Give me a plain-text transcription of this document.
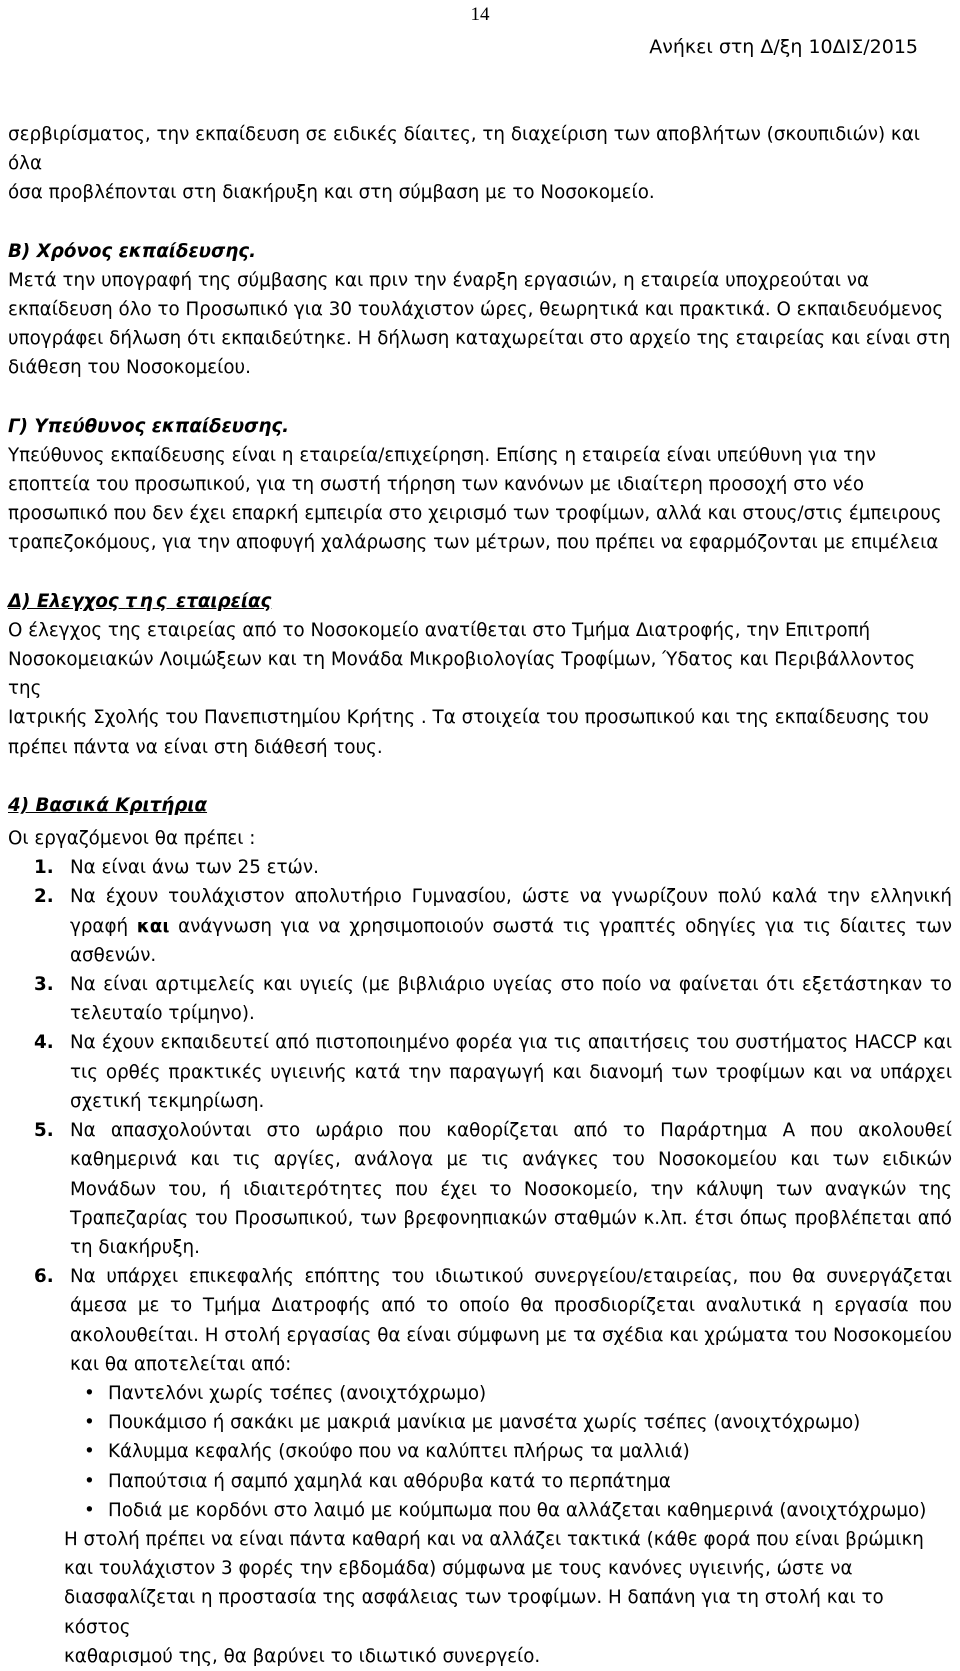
14
Ανήκει στη Δ/ξη 10ΔΙΣ/2015

σερβιρίσματος, την εκπαίδευση σε ειδικές δίαιτες, τη διαχείριση των αποβλήτων (σκουπιδιών) και όλα

όσα προβλέπονται στη διακήρυξη και στη σύμβαση με το Νοσοκομείο.

Β) Χρόνος εκπαίδευσης.

Μετά την υπογραφή της σύμβασης και πριν την έναρξη εργασιών, η εταιρεία υποχρεούται να

εκπαίδευση όλο το Προσωπικό για 30 τουλάχιστον ώρες, θεωρητικά και πρακτικά. Ο εκπαιδευόμενος

υπογράφει δήλωση ότι εκπαιδεύτηκε. Η δήλωση καταχωρείται στο αρχείο της εταιρείας και είναι στη

διάθεση του Νοσοκομείου.

Γ) Υπεύθυνος εκπαίδευσης.

Υπεύθυνος εκπαίδευσης είναι η εταιρεία/επιχείρηση. Επίσης η εταιρεία είναι υπεύθυνη για την

εποπτεία του προσωπικού, για τη σωστή τήρηση των κανόνων με ιδιαίτερη προσοχή στο νέο

προσωπικό που δεν έχει επαρκή εμπειρία στο χειρισμό των τροφίμων, αλλά και στους/στις έμπειρους

τραπεζοκόμους, για την αποφυγή χαλάρωσης των μέτρων, που πρέπει να εφαρμόζονται με επιμέλεια

Δ) Ελεγχος της εταιρείας

Ο έλεγχος της εταιρείας από το Νοσοκομείο ανατίθεται στο Τμήμα Διατροφής, την Επιτροπή

Νοσοκομειακών Λοιμώξεων και τη Μονάδα Μικροβιολογίας Τροφίμων, Ύδατος και Περιβάλλοντος της

Ιατρικής Σχολής του Πανεπιστημίου Κρήτης . Τα στοιχεία του προσωπικού και της εκπαίδευσης του

πρέπει πάντα να είναι στη διάθεσή τους.

4) Βασικά Κριτήρια

Οι εργαζόμενοι θα πρέπει :

1. Να είναι άνω των 25 ετών.
2. Να έχουν τουλάχιστον απολυτήριο Γυμνασίου, ώστε να γνωρίζουν πολύ καλά την ελληνική γραφή και ανάγνωση για να χρησιμοποιούν σωστά τις γραπτές οδηγίες για τις δίαιτες των ασθενών.
3. Να είναι αρτιμελείς και υγιείς (με βιβλιάριο υγείας στο ποίο να φαίνεται ότι εξετάστηκαν το τελευταίο τρίμηνο).
4. Να έχουν εκπαιδευτεί από πιστοποιημένο φορέα για τις απαιτήσεις του συστήματος HACCP και τις ορθές πρακτικές υγιεινής κατά την παραγωγή και διανομή των τροφίμων και να υπάρχει σχετική τεκμηρίωση.
5. Να απασχολούνται στο ωράριο που καθορίζεται από το Παράρτημα Α που ακολουθεί καθημερινά και τις αργίες, ανάλογα με τις ανάγκες του Νοσοκομείου και των ειδικών Μονάδων του, ή ιδιαιτερότητες που έχει το Νοσοκομείο, την κάλυψη των αναγκών της Τραπεζαρίας του Προσωπικού, των βρεφονηπιακών σταθμών κ.λπ. έτσι όπως προβλέπεται από τη διακήρυξη.
6. Να υπάρχει επικεφαλής επόπτης του ιδιωτικού συνεργείου/εταιρείας, που θα συνεργάζεται άμεσα με το Τμήμα Διατροφής από το οποίο θα προσδιορίζεται αναλυτικά η εργασία που ακολουθείται. Η στολή εργασίας θα είναι σύμφωνη με τα σχέδια και χρώματα του Νοσοκομείου και θα αποτελείται από:
• Παντελόνι χωρίς τσέπες (ανοιχτόχρωμο)
• Πουκάμισο ή σακάκι με μακριά μανίκια με μανσέτα χωρίς τσέπες (ανοιχτόχρωμο)
• Κάλυμμα κεφαλής (σκούφο που να καλύπτει πλήρως τα μαλλιά)
• Παπούτσια ή σαμπό χαμηλά και αθόρυβα κατά το περπάτημα
• Ποδιά με κορδόνι στο λαιμό με κούμπωμα που θα αλλάζεται καθημερινά (ανοιχτόχρωμο)

Η στολή πρέπει να είναι πάντα καθαρή και να αλλάζει τακτικά (κάθε φορά που είναι βρώμικη

και τουλάχιστον 3 φορές την εβδομάδα) σύμφωνα με τους κανόνες υγιεινής, ώστε να

διασφαλίζεται η προστασία της ασφάλειας των τροφίμων. Η δαπάνη για τη στολή και το κόστος

καθαρισμού της, θα βαρύνει το ιδιωτικό συνεργείο.
